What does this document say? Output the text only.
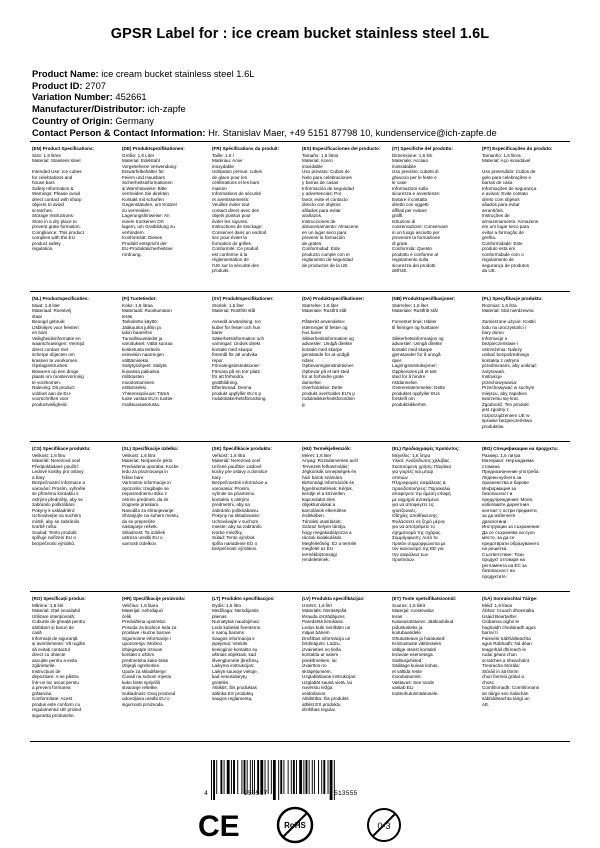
GPSR Label for : ice cream bucket stainless steel 1.6L
Product Name: ice cream bucket stainless steel 1.6L
Product ID: 2707
Variation Number: 452661
Manufacturer/Distributor: ich-zapfe
Country of Origin: Germany
Contact Person & Contact Information: Hr. Stanislav Maer, +49 5151 87798 10, kundenservice@ich-zapfe.de
(EN) Product Specifications:
Size: 1.6 litres
Material: Stainless steel

Intended Use: Ice cubes
for celebrations and
house bars
Safety Information &
Warnings: Please avoid
direct contact with sharp
objects to avoid
scratches.
Storage Instructions:
Store in a dry place to
prevent grate formation.
Compliance: This product
complies with the EU
product safety
regulation.
(DE) Produktspezifikationen:
Größe: 1,6 Liter
Material: Edelstahl
Vorgesehene Verwendung:
Eiswürfelbehälter für
Feiern und Hausbars
Sicherheitsinformationen
& Warnhinweise: Bitte
vermeiden Sie direkten
Kontakt mit scharfen
Gegenständen, um Kratzer
zu vermeiden.
Lagerungshinweise: An
einem trockenen Ort
lagern, um Gratbildung zu
verhindern.
Konformität: Dieses
Produkt entspricht der
EU-Produktsicherheitsve
rordnung.
(FR) Spécifications du produit:
Taille: 1,6 l
Matériau: Acier
inoxydable
Utilisation prévue: cubes
de glace pour les
célébrations et les bars
maison
Informations de sécurité
et avertissements:
Veuillez éviter tout
contact direct avec des
objets pointus pour
éviter les rayures.
Instructions de stockage:
Conserver dans un endroit
sec pour éviter la
formation de grilles.
Conformité: Ce produit
est conforme à la
réglementation de
l'UE sur la sécurité des
produits.
(ES) Especificaciones del producto:
Tamaño: 1,6 litros
Material: Acero
inoxidable
Uso previsto: Cubos de
hielo para celebraciones
y barras de casas
Información de seguridad
y advertencias: Por
favor, evite el contacto
directo con objetos
afilados para evitar
arañazos.
Instrucciones de
almacenamiento: Almacene
en un lugar seco para
prevenir la formación
de grates.
Conformidad: Este
producto cumple con el
reglamento de seguridad
de productos de la UE.
(IT) Specifiche del prodotto:
Dimensione: 1,6 litri
Materiale: Acciaio
inossidabile
Uso previsto: cubetti di
ghiaccio per le feste e
le case
Informazioni sulla
sicurezza e avvertenze:
Evitare il contatto
diretto con oggetti
affilati per evitare
graffi.
Istruzioni di
conservazione: Conservare
in un luogo asciutto per
prevenire la formazione
di grate.
Conformità: Questo
prodotto è conforme al
regolamento sulla
sicurezza dei prodotti
dell'UE.
(PT) Especificações do produto:
Tamanho: 1,6 litros
Material: Aço inoxidável

Uso pretendido: Cubos de
gelo para celebrações e
barras de casa
Informações de segurança
e avisos: Evite contato
direto com objetos
afiados para evitar
arranhões.
Instruções de
armazenamento: Armazene
em um lugar seco para
evitar a formação de
grelha.
Conformidade: Este
produto está em
conformidade com o
regulamento de
segurança de produtos
da UE.
(NL) Productspecificaties:
Maat: 1,6 liter
Materiaal: Roestvrij
staal
Beoogd gebruik:
IJsblokjes voor feesten
en bars
Veiligheidsinformatie en
waarschuwingen: Vermijd
direct contact met
scherpe objecten om
krassen te voorkomen.
Opslaginstructies:
Bewaren op een droge
plaats om roostervorming
te voorkomen.
Naleving: Dit product
voldoet aan de EU-
voorschriften voor
productveiligheid.
(FI) Tuotetiedot:
Koko: 1,6 litraa
Materiaali: Ruostumaton
teräs
Tarkoitettu käyttö:
Jääkuutiot juhliin ja
talon baareihin
Turvallisuustiedot ja
varoitukset: Vältä suoraa
kosketusta teräviin
esineisiin naarmujen
välttämiseksi.
Säilytysohjeet: Säilytä
kuivassa paikassa
ritilöitusten
muodostumisen
estämiseksi.
Yhteensopivuus: Tämä
tuote vastaa EU:n tuottei-
rnallisuusasetusta.
(SV) Produktspecifikationer:
Storlek: 1,6 liter
Material: Rostfritt stål

Avsedd användning: Ice
kuber för fester och hus
barer
Säkerhetsinformation och
varningar: Undvik direkt
kontakt med skarpa
föremål för att undvika
repor.
Förvaringsinstruktioner:
Förvara på en torr plats
för att förhindra
grattbildning.
Efterlevnad: Denna
produkt uppfyller EU:s p
roduktsäkerhetsförordning.
(DA) Produktspecifikationer:
Størrelse: 1,6 liter
Materiale: Rustfrit stål

Påtænkt anvendelse:
Isterninger til fester og
hus barer
Sikkerhedsinformation og
advarsler: Undgå direkte
kontakt med skarpe
genstande for at undgå
ridser.
Opbevaringsinstruktioner:
Opbevar på et tørt sted
for at forhindre grate
dannelse.
Overholdelse: Dette
produkt overholder EU's p
roduktsikkerhedsforordnin
g.
(NB) Produktspesifikasjoner:
Størrelse: 1,6 liter
Materiale: Rustfritt stål

Forventet bruk: Isbiter
til feiringer og husbarer

Sikkerhetsinformasjon og
advarsler: Unngå direkte
kontakt med skarpe
gjenstander for å unngå
riper.
Lagringsinstruksjoner:
Oppbevares på et tørt
sted for å hindre
ristdannelse.
Overensstemmelse: Dette
produktet oppfyller EUs
forskrift om
produktsikkerhet.
(PL) Specyfikacje produktu:
Rozmiar: 1,6 litra
Materiał: Stal nierdzewna

Zamierzone użycie: Kostki
lodu na uroczystości i
bary domu
Informacje o
bezpieczeństwie i
ostrzeżenia: Należy
unikać bezpośredniego
kontaktu z ostrymi
przedmiotami, aby uniknąć
zarysowań.
Instrukcje
przechowywania:
Przechowywać w suchym
miejscu, aby zapobiec
tworzeniu się krat.
Zgodność: Ten produkt
jest zgodny z
rozporządzeniem UE w
sprawie bezpieczeństwa
produktów.
(CS) Specifikace produktu:
Velikost: 1,6 litru
Materiál: Nerezová ocel
Předpokládané použití:
Ledové kostky pro oslavy
a bary
Bezpečnostní informace a
varování: Prosím, vyhněte
se přímému kontaktu s
ostrými předměty, aby se
zabránilo poškrábání.
Pokyny k uskladnění:
Uchovávejte na suchém
místě, aby se zabránilo
tvorbě roštu.
Soulad: Tento produkt
splňuje nařízení EU o
bezpečnosti výrobků.
(SL) Specifikacije izdelka:
Velikost: 1,6 litra
Material: Nerjaveče jeklo
Predvidena uporaba: Kocke
ledu za praznovanja in
hišne bare
Varnostne informacije in
opozorila: Izogibajte se
neposrednemu stiku z
ostrimi predmeti, da se
izognete praskam.
Navodila za shranjevanje:
Shranjujte na suhem mestu,
da se preprečite
nastajanje rešetk.
Skladnost: Ta izdelek
ustreza uredbi EU o
varnosti izdelkov.
(SK) Špecifikácie produktu:
Veľkosť: 1,6 litra
Materiál: Nerezová oceľ
Určené použitie: Ľadové
kocky pre oslavy a domáce
bary
Bezpečnostné informácie a
varovania: Prosím,
vyhnite sa priamemu
kontaktu s ostrými
predmetmi, aby sa
zabránilo poškriabaniu.
Pokyny na skladovanie:
Uchovávajte v suchom
mieste, aby sa zabránilo
tvorbe mriežky.
Súlad: Tento výrobok
spĺňa nariadenie EÚ o
bezpečnosti výrobkov.
(HU) Termékjellemzők:
Méret: 1,6 liter
Anyag: Rozsdamentes acél
Tervezett felhasználás:
Jégkockák ünnepségek és
házi bárok számára
Biztonsági információk és
figyelmeztetések: Kérjük,
kerülje el a közvetlen
kapcsolatot éles
objektumokkal a
karcolások elkerülése
érdekében.
Tárolási utasítások:
Száraz helyen tárolja,
hogy megakadályozza a
rácsok kialakulását.
Megfelelőség: Ez a termék
megfelel az EU
termékbiztonsági
rendeletének.
(EL) Προδιαγραφές προϊόντος:
Μέγεθος: 1,6 λίτρα
Υλικό: Ανοξείδωτος χάλυβας
Σκοπούμενη χρήση: Παγάκια
για γιορτές και μπαρ
σπιτιών
Πληροφορίες ασφάλειας &
προειδοποιήσεις: Παρακαλώ
αποφύγετε την άμεση επαφή
με αιχμηρά αντικείμενα
για να αποφύγετε τις
γρατζουνιές.
Οδηγίες αποθήκευσης:
Φυλάσσετε σε ξηρό μέρος
για να αποτρέψετε το
σχηματισμό της σχάρας.
Συμμόρφωση: Αυτό το
προϊόν συμμορφώνεται με
τον κανονισμό της ΕΕ για
την ασφάλεια των
προϊόντων.
(BG) Спецификации на продукта:
Размер: 1,6 литра
Материал: Неръждаема
стомана
Предназначение употреба:
Ледени кубчета за
празненства и барове
Информация за
безопасност и
предупреждения: Моля,
избягвайте директния
контакт с остри предмети,
за да избегнете
драскотини.
Инструкции за съхранение:
Да се съхранява на сухо
място, за да се
предотврати образуването
на решетка.
Съответствие: Този
продукт отговаря на
регламента на ЕС за
безопасност на
продуктите.
(RO) Specificații produs:
Mărime: 1,6 litri
Material: Oțel inoxidabil
Utilizare intenționată:
Cuburile de gheață pentru
sărbători și baruri de
casă
Informații de siguranță
și avertismente: Vă rugăm
să evitați contactul
direct cu obiecte
ascuțite pentru a evita
zgârieturile.
Instrucțiuni de
depozitare: A se păstra
într-un loc uscat pentru
a preveni formarea
grătarului.
Conformitate: Acest
produs este conform cu
regulamentul UE privind
siguranța produselor.
(HR) Specifikacije proizvoda:
Veličina: 1,6 litara
Materijal: nehrđajući
čelik
Predviđena upotreba:
Posuda za kockice leda za
proslave i kućne barove
Sigurnosne informacije i
upozorenja: Molimo
izbjegavajte izravan
kontakt s oštrim
predmetima kako biste
izbjegli ogrebotine.
Upute za skladištenje:
Čuvati na suhom mjestu
kako biste spriječili
stvaranje rešetke.
Sukladnost: Ovaj proizvod
udovoljava uredbi EU o
sigurnosti proizvoda.
(LT) Produkto specifikacijos:
Dydis: 1,6 litro
Medžiaga: Nerūdijantis
plienas
Numatytas naudojimas:
Ledo kubeliai šventėms
ir namų barams
Saugos informacija ir
įspėjimai: Venkite
tiesioginio kontakto su
aštriais objektais, kad
išvengtumėte įbrėžimų.
Laikymo instrukcijos:
Laikyti sausoje vietoje,
kad nesusidarytų
grotelės.
Atitiktis: Šis produktas
atitinka ES produktų
saugos reglamentą.
(LV) Produkta specifikācijas:
Izmērs: 1,6 litri
Materiāls: Nerūsējošā
tērauda izstrādājums
Paredzētā lietošana:
Ledus kubi svinībām un
mājas bāriem
Drošības informācija un
brīdinājumi: Lūdzu,
izvairieties no tieša
kontakta ar asiem
priekšmetiem, lai
izvairītos no
skrāpējumiem.
Uzglabāšanas instrukcijas:
Uzglabāt sausā vietā, lai
novērstu režģa
veidošanos.
Atbilstība: Šis produkts
atbilst ES produktu
drošības regulai.
(ET) Toote spetsifikatsioonid:
Suurus: 1,6 liitrit
Materjal: roostevaba
teras
Kasutusotstarve: Jääkuubikud
pidustusteks ja
kodubaaridele
Ohutusteave ja hoiatused:
Kriimustuste vältimiseks
vältige otsest kontakti
teravate esemetega.
Säilitusjuhised:
Säilitage kuivas kohas,
et vältida reste
moodustumist.
Vastavus: See toode
vastab ELi
tooteohutusmäärusele.
(GA) Sonraíochtaí Táirge:
Méid: 1,6 lítear
Ábhar: Cruach dhosmálta
Úsáid Beartaithe:
Ciúbanna oighir le
haghaidh cheiliúradh agus
barraí tí
Faisnéis Sábháilteachta
agus Rabhadh: Ná déan
teagmháil dhíreach le
rudaí géara chun
scratches a sheachaint.
Treoracha Stórála:
Stóráil in áit thirim
chun foirmiú grátaí a
chosc.
Comhlíonadh: Comhlíonann
an táirge seo rialachán
sábháilteachta táirgí an
AE.
4	250517	513555
CE	RoHS	0-3
